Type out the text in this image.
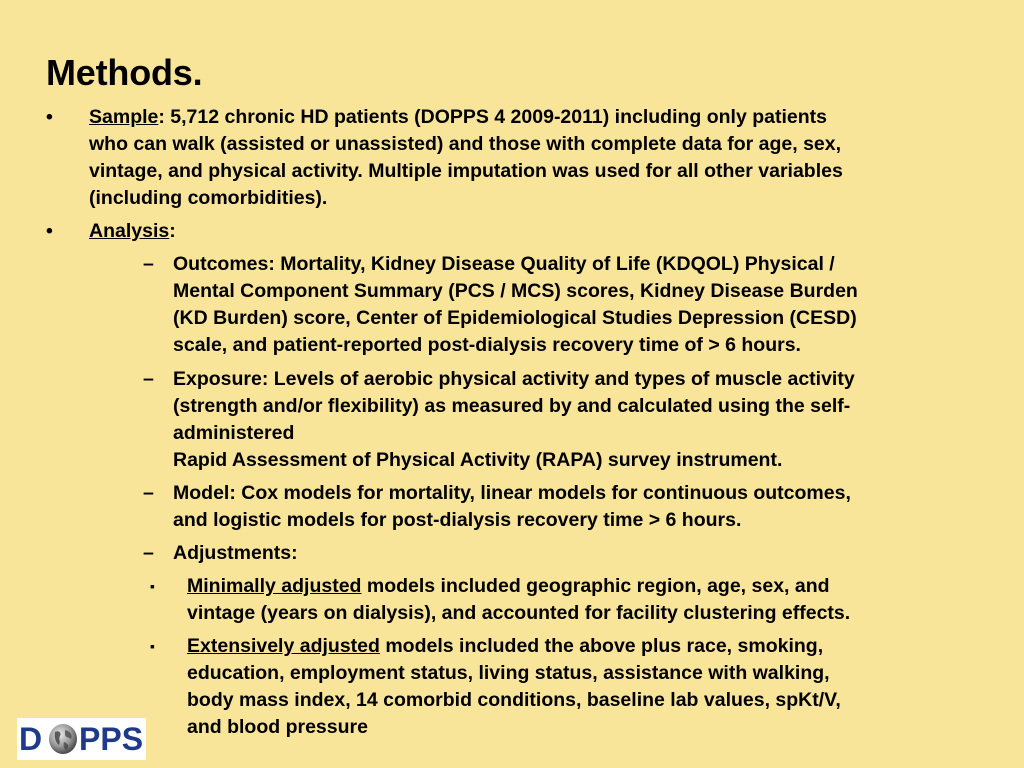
Methods.
• Sample: 5,712 chronic HD patients (DOPPS 4 2009-2011) including only patients
who can walk (assisted or unassisted) and those with complete data for age, sex,
vintage, and physical activity. Multiple imputation was used for all other variables
(including comorbidities).
• Analysis:
– Outcomes: Mortality, Kidney Disease Quality of Life (KDQOL) Physical /
Mental Component Summary (PCS / MCS) scores, Kidney Disease Burden
(KD Burden) score, Center of Epidemiological Studies Depression (CESD)
scale, and patient-reported post-dialysis recovery time of > 6 hours.
– Exposure: Levels of aerobic physical activity and types of muscle activity
(strength and/or flexibility) as measured by and calculated using the self-
administered
Rapid Assessment of Physical Activity (RAPA) survey instrument.
– Model: Cox models for mortality, linear models for continuous outcomes,
and logistic models for post-dialysis recovery time > 6 hours.
– Adjustments:
▪ Minimally adjusted models included geographic region, age, sex, and
vintage (years on dialysis), and accounted for facility clustering effects.
▪ Extensively adjusted models included the above plus race, smoking,
education, employment status, living status, assistance with walking,
body mass index, 14 comorbid conditions, baseline lab values, spKt/V,
and blood pressure
D PPS
